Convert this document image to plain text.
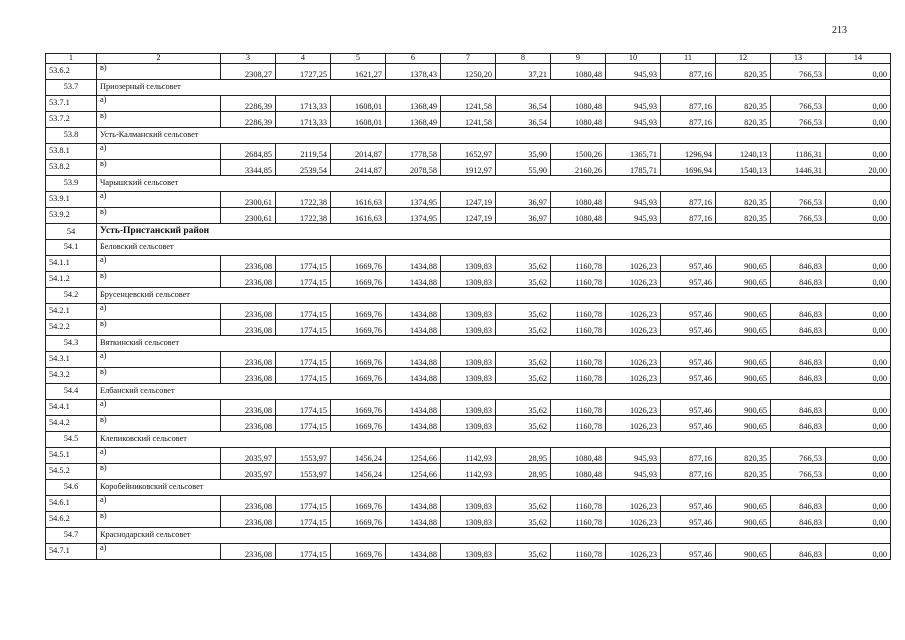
213
1	2	3	4	5	6	7	8	9	10	11	12	13	14
53.6.2	в)	2308,27	1727,25	1621,27	1378,43	1250,20	37,21	1080,48	945,93	877,16	820,35	766,53	0,00
53.7	Приозерный сельсовет												
53.7.1	а)	2286,39	1713,33	1608,01	1368,49	1241,58	36,54	1080,48	945,93	877,16	820,35	766,53	0,00
53.7.2	в)	2286,39	1713,33	1608,01	1368,49	1241,58	36,54	1080,48	945,93	877,16	820,35	766,53	0,00
53.8	Усть-Калманский сельсовет												
53.8.1	а)	2684,85	2119,54	2014,87	1778,58	1652,97	35,90	1500,26	1365,71	1296,94	1240,13	1186,31	0,00
53.8.2	в)	3344,85	2539,54	2414,87	2078,58	1912,97	55,90	2160,26	1785,71	1696,94	1540,13	1446,31	20,00
53.9	Чарышский сельсовет												
53.9.1	а)	2300,61	1722,38	1616,63	1374,95	1247,19	36,97	1080,48	945,93	877,16	820,35	766,53	0,00
53.9.2	в)	2300,61	1722,38	1616,63	1374,95	1247,19	36,97	1080,48	945,93	877,16	820,35	766,53	0,00
54	Усть-Пристанский район												
54.1	Беловский сельсовет												
54.1.1	а)	2336,08	1774,15	1669,76	1434,88	1309,83	35,62	1160,78	1026,23	957,46	900,65	846,83	0,00
54.1.2	в)	2336,08	1774,15	1669,76	1434,88	1309,83	35,62	1160,78	1026,23	957,46	900,65	846,83	0,00
54.2	Брусенцевский сельсовет												
54.2.1	а)	2336,08	1774,15	1669,76	1434,88	1309,83	35,62	1160,78	1026,23	957,46	900,65	846,83	0,00
54.2.2	в)	2336,08	1774,15	1669,76	1434,88	1309,83	35,62	1160,78	1026,23	957,46	900,65	846,83	0,00
54.3	Вяткинский сельсовет												
54.3.1	а)	2336,08	1774,15	1669,76	1434,88	1309,83	35,62	1160,78	1026,23	957,46	900,65	846,83	0,00
54.3.2	в)	2336,08	1774,15	1669,76	1434,88	1309,83	35,62	1160,78	1026,23	957,46	900,65	846,83	0,00
54.4	Елбанский сельсовет												
54.4.1	а)	2336,08	1774,15	1669,76	1434,88	1309,83	35,62	1160,78	1026,23	957,46	900,65	846,83	0,00
54.4.2	в)	2336,08	1774,15	1669,76	1434,88	1309,83	35,62	1160,78	1026,23	957,46	900,65	846,83	0,00
54.5	Клепиковский сельсовет												
54.5.1	а)	2035,97	1553,97	1456,24	1254,66	1142,93	28,95	1080,48	945,93	877,16	820,35	766,53	0,00
54.5.2	в)	2035,97	1553,97	1456,24	1254,66	1142,93	28,95	1080,48	945,93	877,16	820,35	766,53	0,00
54.6	Коробейниковский сельсовет												
54.6.1	а)	2336,08	1774,15	1669,76	1434,88	1309,83	35,62	1160,78	1026,23	957,46	900,65	846,83	0,00
54.6.2	в)	2336,08	1774,15	1669,76	1434,88	1309,83	35,62	1160,78	1026,23	957,46	900,65	846,83	0,00
54.7	Краснодарский сельсовет												
54.7.1	а)	2336,08	1774,15	1669,76	1434,88	1309,83	35,62	1160,78	1026,23	957,46	900,65	846,83	0,00
